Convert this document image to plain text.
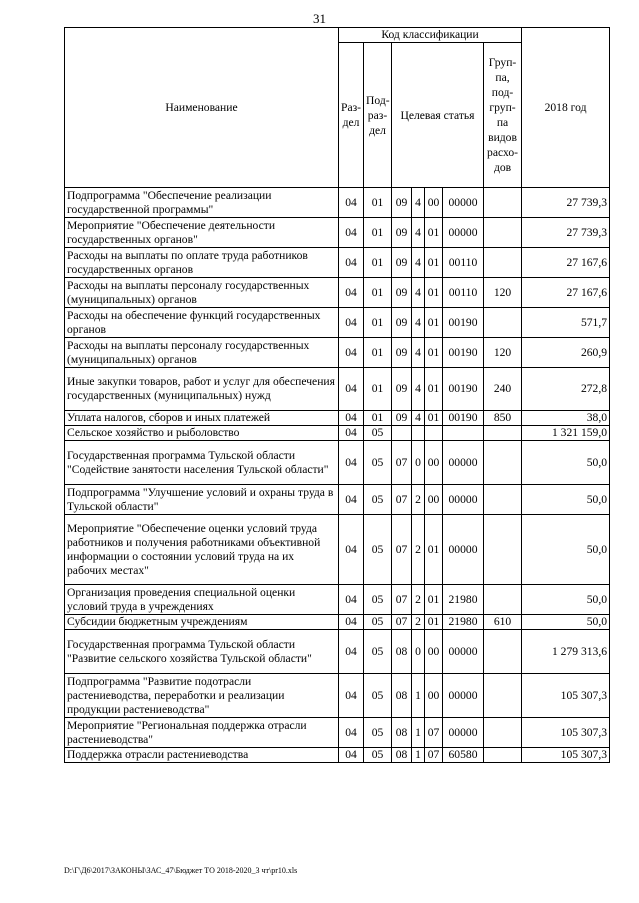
31
Наименование	Код классификации							2018 год
	Раз-дел	Под-раз-дел	Целевая статья				Груп-па, под-груп-па видов расхо-дов	
Подпрограмма "Обеспечение реализации государственной программы"	04	01	09	4	00	00000		27 739,3
Мероприятие "Обеспечение деятельности государственных органов"	04	01	09	4	01	00000		27 739,3
Расходы на выплаты по оплате труда работников государственных органов	04	01	09	4	01	00110		27 167,6
Расходы на выплаты персоналу государственных (муниципальных) органов	04	01	09	4	01	00110	120	27 167,6
Расходы на обеспечение функций государственных органов	04	01	09	4	01	00190		571,7
Расходы на выплаты персоналу государственных (муниципальных) органов	04	01	09	4	01	00190	120	260,9
Иные закупки товаров, работ и услуг для обеспечения государственных (муниципальных) нужд	04	01	09	4	01	00190	240	272,8
Уплата налогов, сборов и иных платежей	04	01	09	4	01	00190	850	38,0
Сельское хозяйство и рыболовство	04	05						1 321 159,0
Государственная программа Тульской области "Содействие занятости населения Тульской области"	04	05	07	0	00	00000		50,0
Подпрограмма "Улучшение условий и охраны труда в Тульской области"	04	05	07	2	00	00000		50,0
Мероприятие "Обеспечение оценки условий труда работников и получения работниками объективной информации о состоянии условий труда на их рабочих местах"	04	05	07	2	01	00000		50,0
Организация проведения специальной оценки условий труда в учреждениях	04	05	07	2	01	21980		50,0
Субсидии бюджетным учреждениям	04	05	07	2	01	21980	610	50,0
Государственная программа Тульской области "Развитие сельского хозяйства Тульской области"	04	05	08	0	00	00000		1 279 313,6
Подпрограмма "Развитие подотрасли растениеводства, переработки и реализации продукции растениеводства"	04	05	08	1	00	00000		105 307,3
Мероприятие "Региональная поддержка отрасли растениеводства"	04	05	08	1	07	00000		105 307,3
Поддержка отрасли растениеводства	04	05	08	1	07	60580		105 307,3
D:\Г\Д6\2017\ЗАКОНЫ\ЗАС_47\Бюджет ТО 2018-2020_3 чт\pr10.xls
